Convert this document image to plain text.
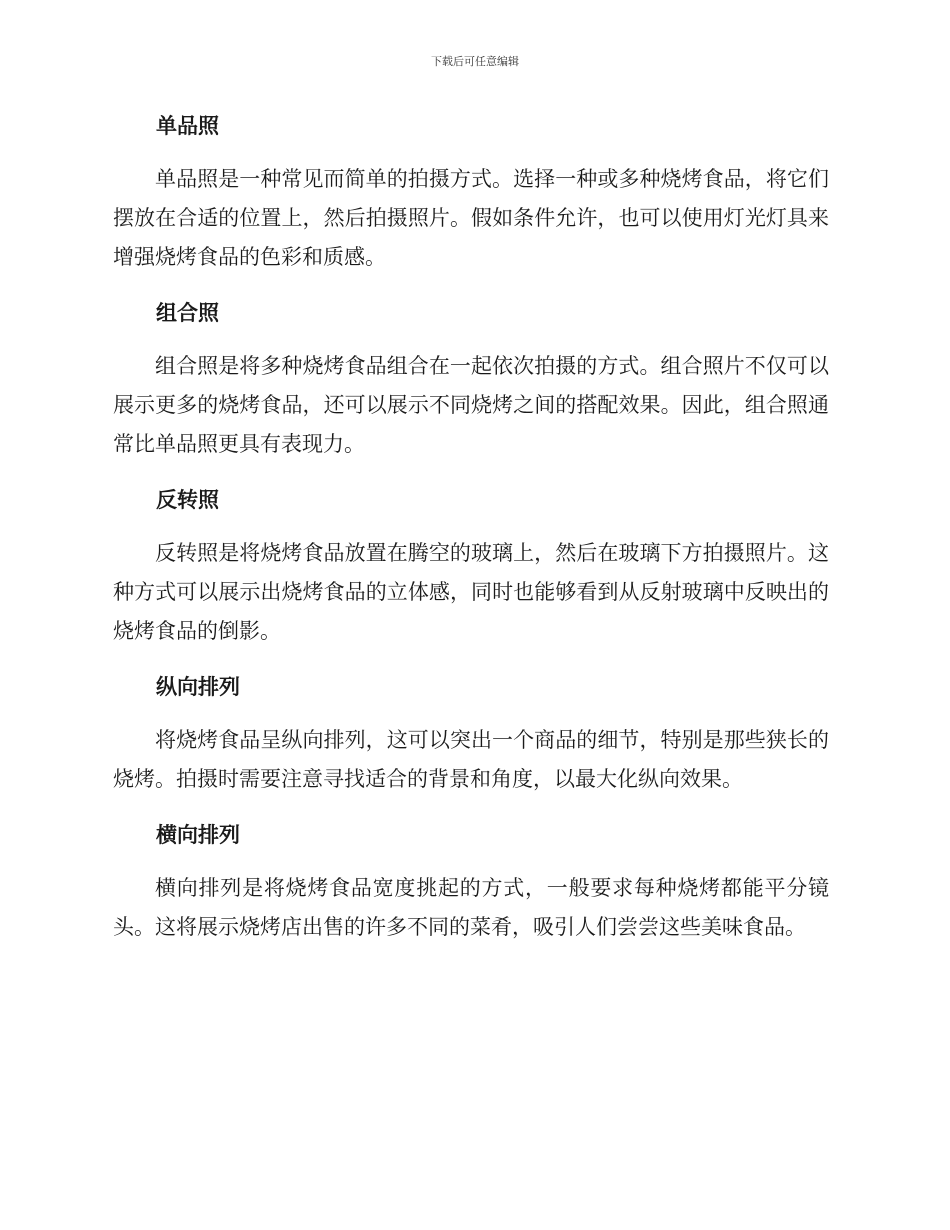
下载后可任意编辑
单品照

单品照是一种常见而简单的拍摄方式。选择一种或多种烧烤食品，将它们摆放在合适的位置上，然后拍摄照片。假如条件允许，也可以使用灯光灯具来增强烧烤食品的色彩和质感。

组合照

组合照是将多种烧烤食品组合在一起依次拍摄的方式。组合照片不仅可以展示更多的烧烤食品，还可以展示不同烧烤之间的搭配效果。因此，组合照通常比单品照更具有表现力。

反转照

反转照是将烧烤食品放置在腾空的玻璃上，然后在玻璃下方拍摄照片。这种方式可以展示出烧烤食品的立体感，同时也能够看到从反射玻璃中反映出的烧烤食品的倒影。

纵向排列

将烧烤食品呈纵向排列，这可以突出一个商品的细节，特别是那些狭长的烧烤。拍摄时需要注意寻找适合的背景和角度，以最大化纵向效果。

横向排列

横向排列是将烧烤食品宽度挑起的方式，一般要求每种烧烤都能平分镜头。这将展示烧烤店出售的许多不同的菜肴，吸引人们尝尝这些美味食品。
